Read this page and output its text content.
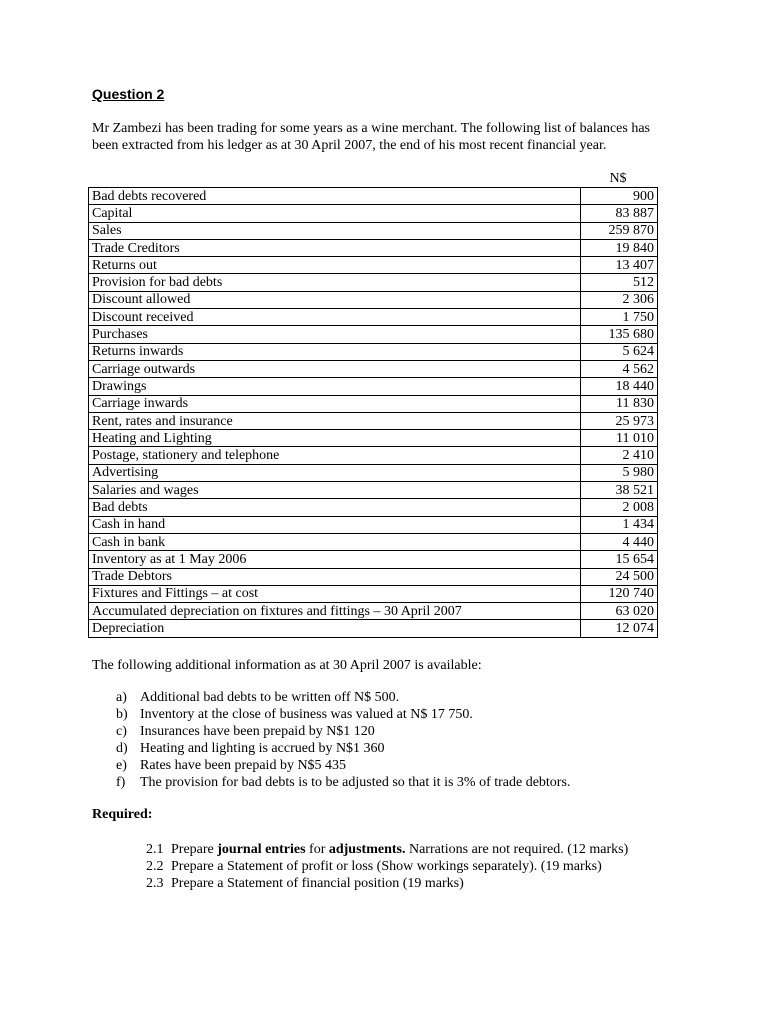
Question 2
Mr Zambezi has been trading for some years as a wine merchant. The following list of balances has been extracted from his ledger as at 30 April 2007, the end of his most recent financial year.
N$
Bad debts recovered	900
Capital	83 887
Sales	259 870
Trade Creditors	19 840
Returns out	13 407
Provision for bad debts	512
Discount allowed	2 306
Discount received	1 750
Purchases	135 680
Returns inwards	5 624
Carriage outwards	4 562
Drawings	18 440
Carriage inwards	11 830
Rent, rates and insurance	25 973
Heating and Lighting	11 010
Postage, stationery and telephone	2 410
Advertising	5 980
Salaries and wages	38 521
Bad debts	2 008
Cash in hand	1 434
Cash in bank	4 440
Inventory as at 1 May 2006	15 654
Trade Debtors	24 500
Fixtures and Fittings – at cost	120 740
Accumulated depreciation on fixtures and fittings – 30 April 2007	63 020
Depreciation	12 074
The following additional information as at 30 April 2007 is available:
a) Additional bad debts to be written off N$ 500.
b) Inventory at the close of business was valued at N$ 17 750.
c) Insurances have been prepaid by N$1 120
d) Heating and lighting is accrued by N$1 360
e) Rates have been prepaid by N$5 435
f)	The provision for bad debts is to be adjusted so that it is 3% of trade debtors.
Required:
2.1 Prepare journal entries for adjustments. Narrations are not required. (12 marks)
2.2 Prepare a Statement of profit or loss (Show workings separately). (19 marks)
2.3 Prepare a Statement of financial position (19 marks)
